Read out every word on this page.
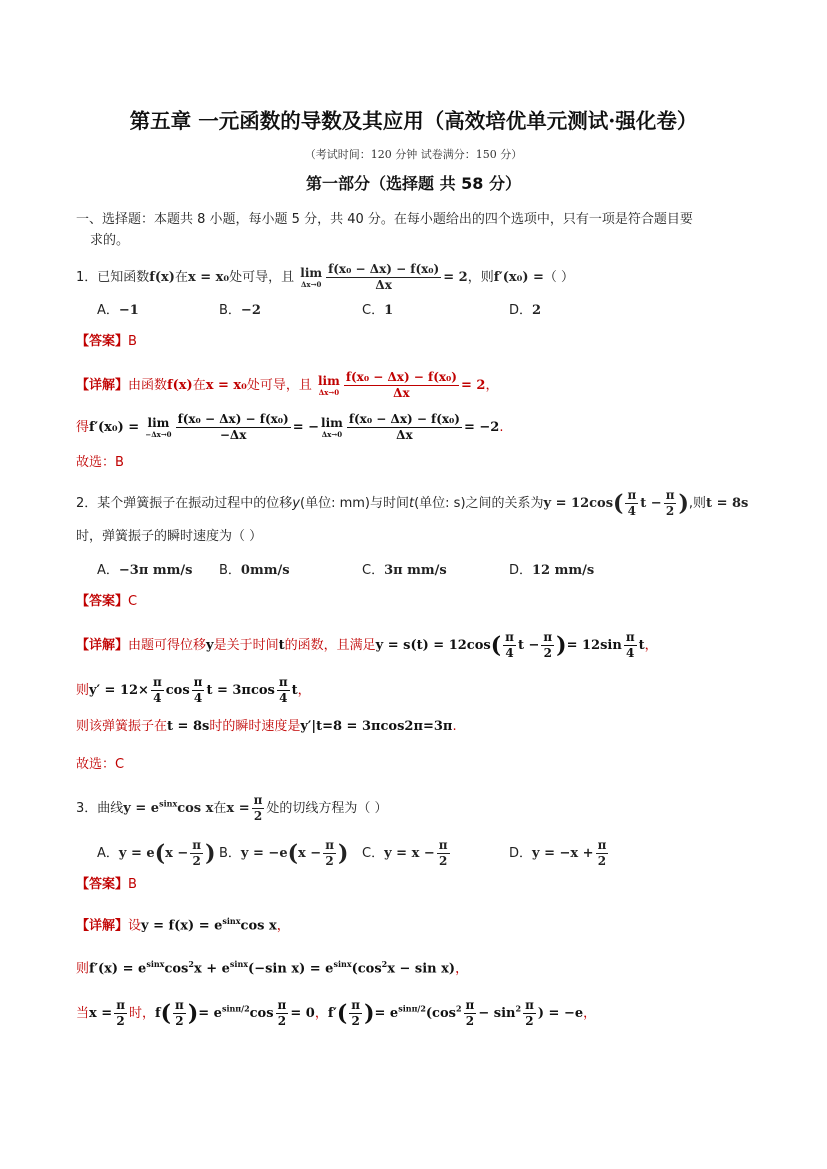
第五章 一元函数的导数及其应用（高效培优单元测试·强化卷）
（考试时间：120 分钟 试卷满分：150 分）
第一部分（选择题 共 58 分）
一、选择题：本题共 8 小题，每小题 5 分，共 40 分。在每小题给出的四个选项中，只有一项是符合题目要
求的。
1．已知函数f(x)在x = x₀处可导，且 lim
$\Delta x\to 0 \frac{\text{f(x₀ − Δx) − f(x₀)}}{\Delta x} = 2$，则f′(x₀) =（ ）
A．−1	B．−2	C．1	D．2
【答案】B
【详解】由函数f(x)在x = x₀处可导，且 lim
$\Delta x\to 0 \frac{\text{f(x₀ − Δx) − f(x₀)}}{\Delta x} = 2$，
得f′(x₀) = lim
$-\Delta x\to 0 \frac{\text{f(x₀ − Δx) − f(x₀)}}{-\Delta x}$ = − lim
$\Delta x\to 0 \frac{\text{f(x₀ − Δx) − f(x₀)}}{\Delta x} = -2$.
故选：B
2．某个弹簧振子在振动过程中的位移y(单位: mm)与时间t(单位: s)之间的关系为$y = 12\cos( \frac{\pi}{4}$ $t - \frac{\pi}{2}$ ),则t = 8s
时，弹簧振子的瞬时速度为（ ）
A．−3π mm/s B．0mm/s	C．3π mm/s	D．12 mm/s
【答案】C
【详解】由题可得位移y是关于时间t的函数，且满足$y = s(t) = 12\cos( \frac{\pi}{4}$ $t - \frac{\pi}{2}$ )= $12\sin \frac{\pi}{4}$ t，
则$y' = 12\times \frac{\pi}{4}$ $\cos \frac{\pi}{4}$ $t = 3\pi\cos \frac{\pi}{4}$ t，
则该弹簧振子在t = 8s时的瞬时速度是y′|t=8 = 3πcos2π=3π.
故选：C
3．曲线$y = e^{sinx}\cos$ x在$x = \frac{\pi}{2}$ 处的切线方程为（ ）
A．$y = e(x - \frac{\pi}{2}$ ) B．$y = -e(x - \frac{\pi}{2}$ ) C．$y = x - \frac{\pi}{2}$	D．$y = -x + \frac{\pi}{2}$
【答案】B
【详解】设$y = f(x) = e^{sinx}\cos$ x，
则$f'(x) = e^{sinx}\cos^2x + e^{sinx}(-\sin$ $x) = e^{sinx}(\cos^2x - \sin x)$，
当$x = \frac{\pi}{2}$ 时，$f( \frac{\pi}{2}$ )= $e^{sin\pi/2}\cos \frac{\pi}{2} = 0$，$f'( \frac{\pi}{2}$ )= $e^{sin\pi/2}(\cos^2 \frac{\pi}{2} - \sin^2 \frac{\pi}{2}$ ) = −e，
